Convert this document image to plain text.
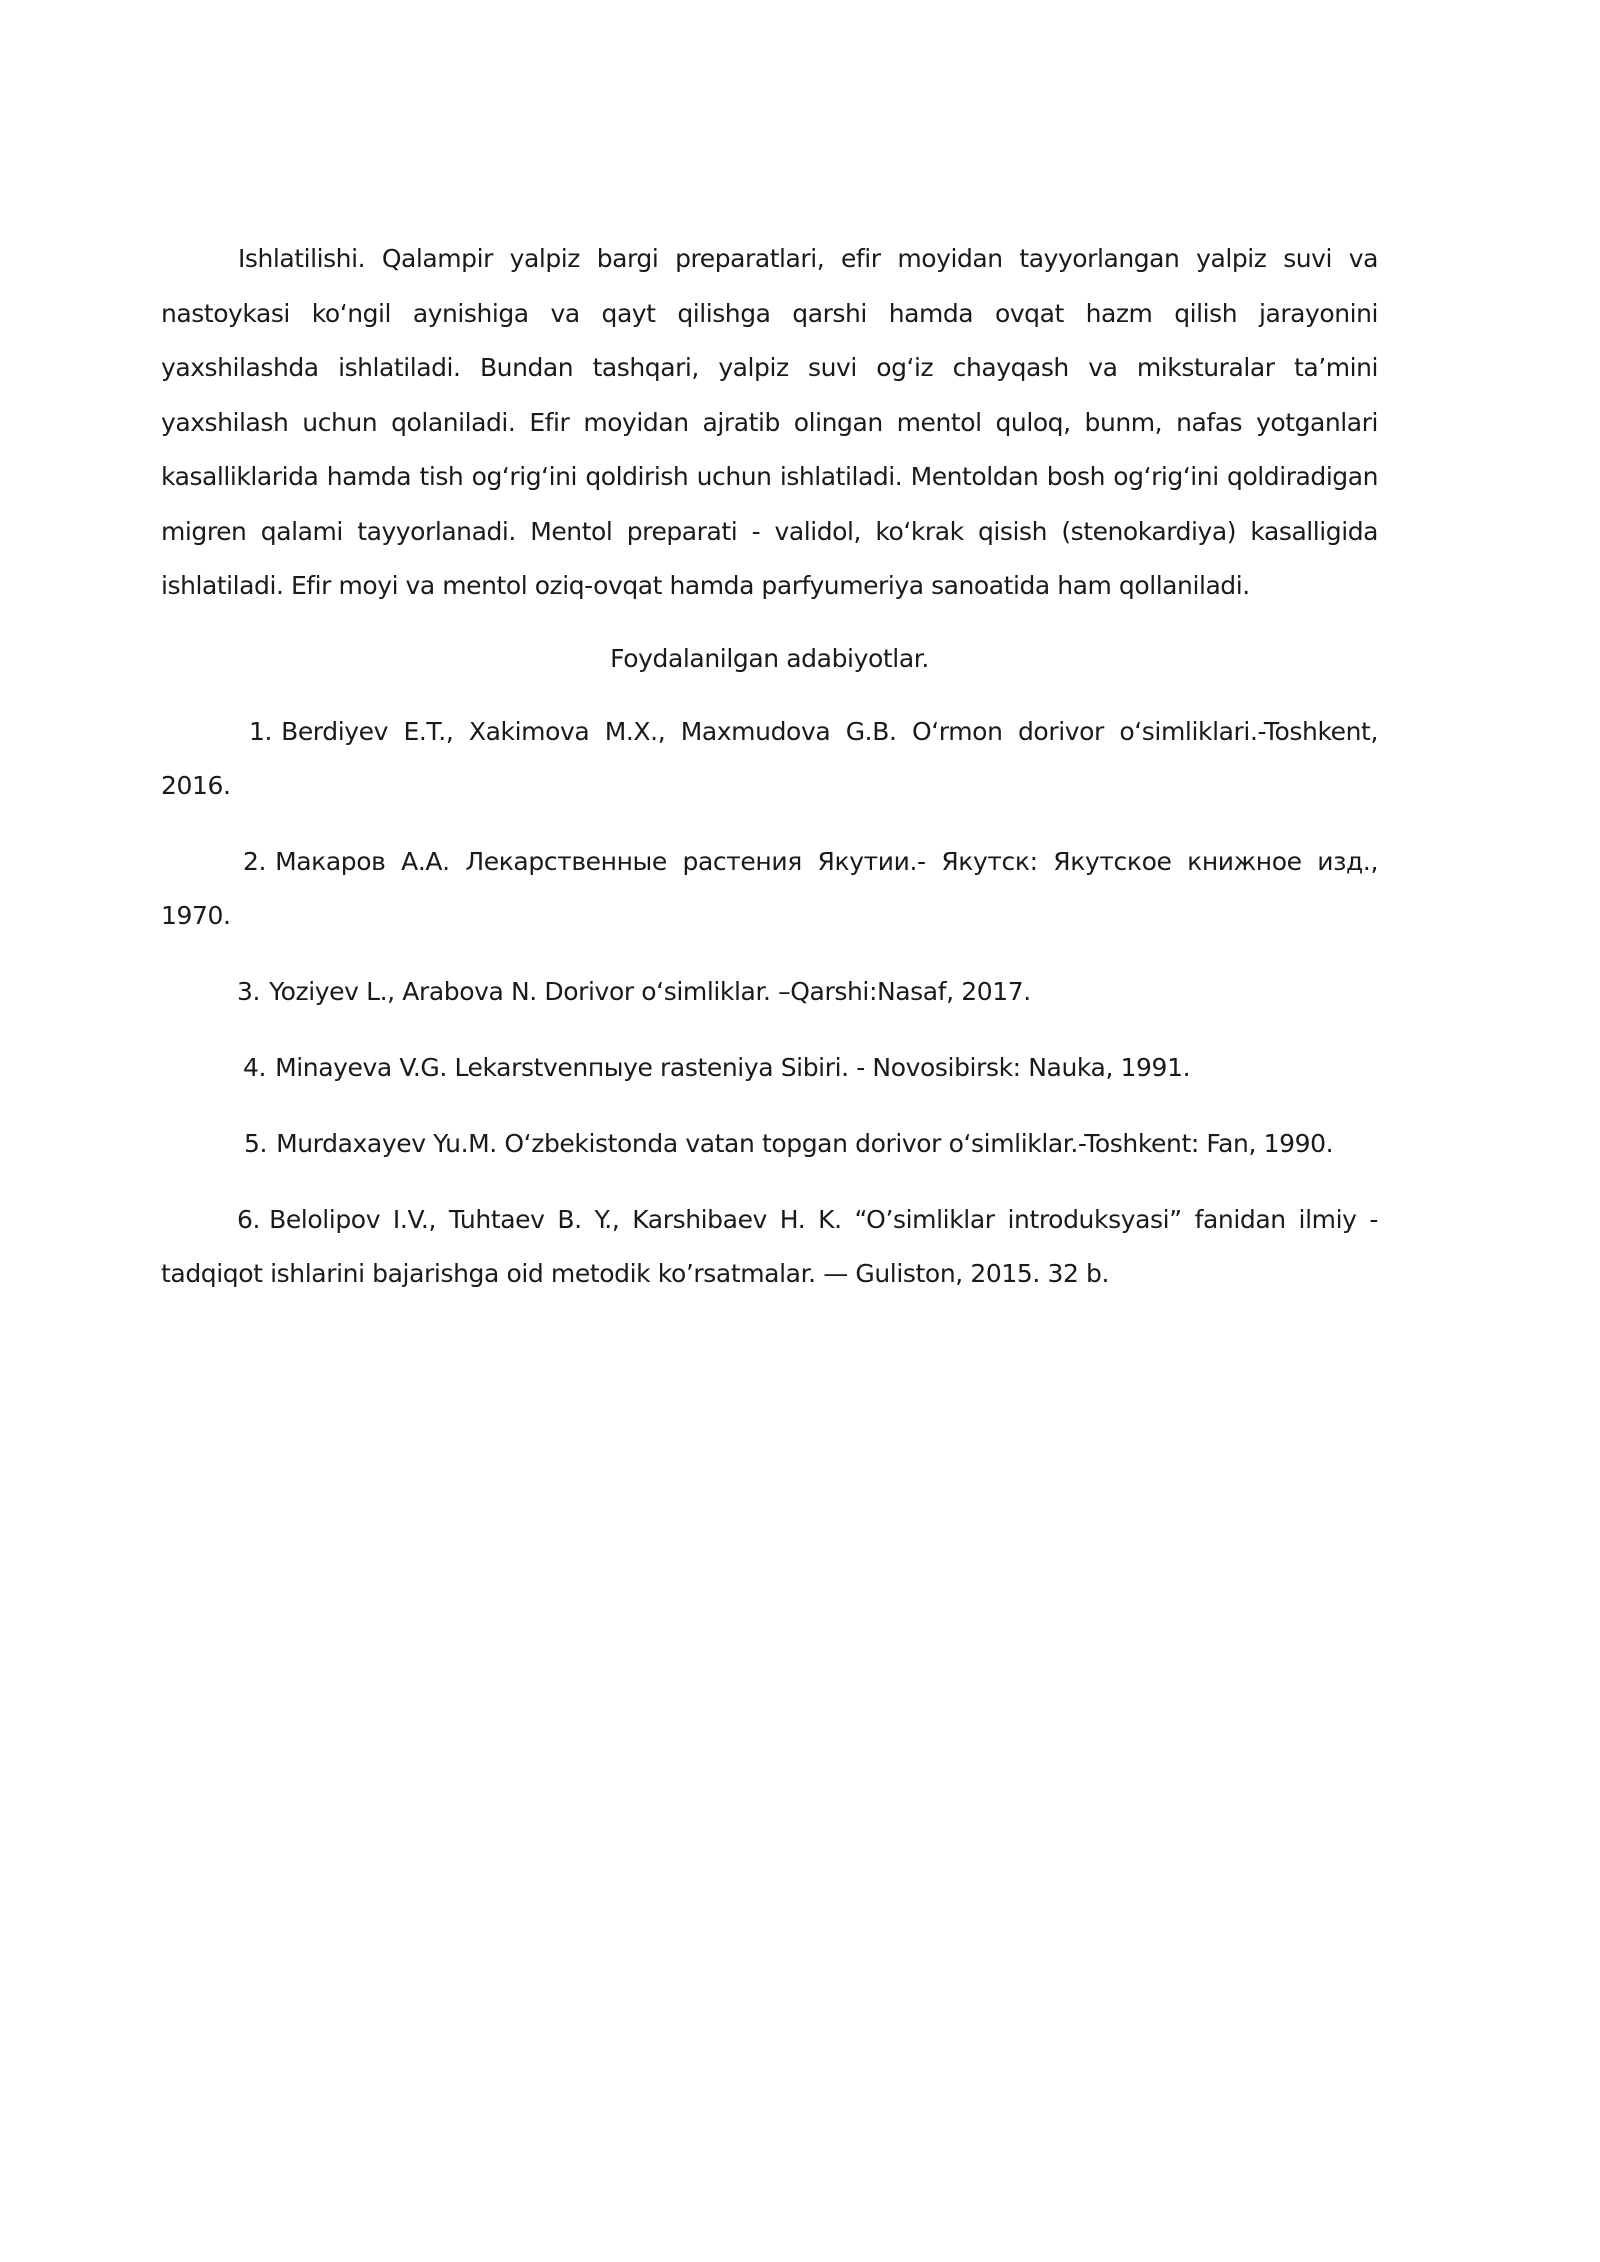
Ishlatilishi. Qalampir yalpiz bargi preparatlari, efir moyidan tayyorlangan yalpiz suvi va nastoykasi ko‘ngil aynishiga va qayt qilishga qarshi hamda ovqat hazm qilish jarayonini yaxshilashda ishlatiladi. Bundan tashqari, yalpiz suvi og‘iz chayqash va miksturalar ta’mini yaxshilash uchun qolaniladi. Efir moyidan ajratib olingan mentol quloq, bunm, nafas yotganlari kasalliklarida hamda tish og‘rig‘ini qoldirish uchun ishlatiladi. Mentoldan bosh og‘rig‘ini qoldiradigan migren qalami tayyorlanadi. Mentol preparati - validol, ko‘krak qisish (stenokardiya) kasalligida ishlatiladi. Efir moyi va mentol oziq-ovqat hamda parfyumeriya sanoatida ham qollaniladi.

Foydalanilgan adabiyotlar.
1. Berdiyev E.T., Xakimova M.X., Maxmudova G.B. O‘rmon dorivor o‘simliklari.-Toshkent, 2016.
2. Макаров А.А. Лекарственные растения Якутии.- Якутск: Якутское книжное изд., 1970.
3. Yoziyev L., Arabova N. Dorivor o‘simliklar. –Qarshi:Nasaf, 2017.
4. Minayeva V.G. Lekarstvenпыye rasteniya Sibiri. - Novosibirsk: Nauka, 1991.
5. Murdaxayev Yu.M. O‘zbekistonda vatan topgan dorivor o‘simliklar.-Toshkent: Fan, 1990.
6. Belolipov I.V., Tuhtaev B. Y., Karshibaev H. K. “O’simliklar introduksyasi” fanidan ilmiy - tadqiqot ishlarini bajarishga oid metodik ko’rsatmalar. — Guliston, 2015. 32 b.
